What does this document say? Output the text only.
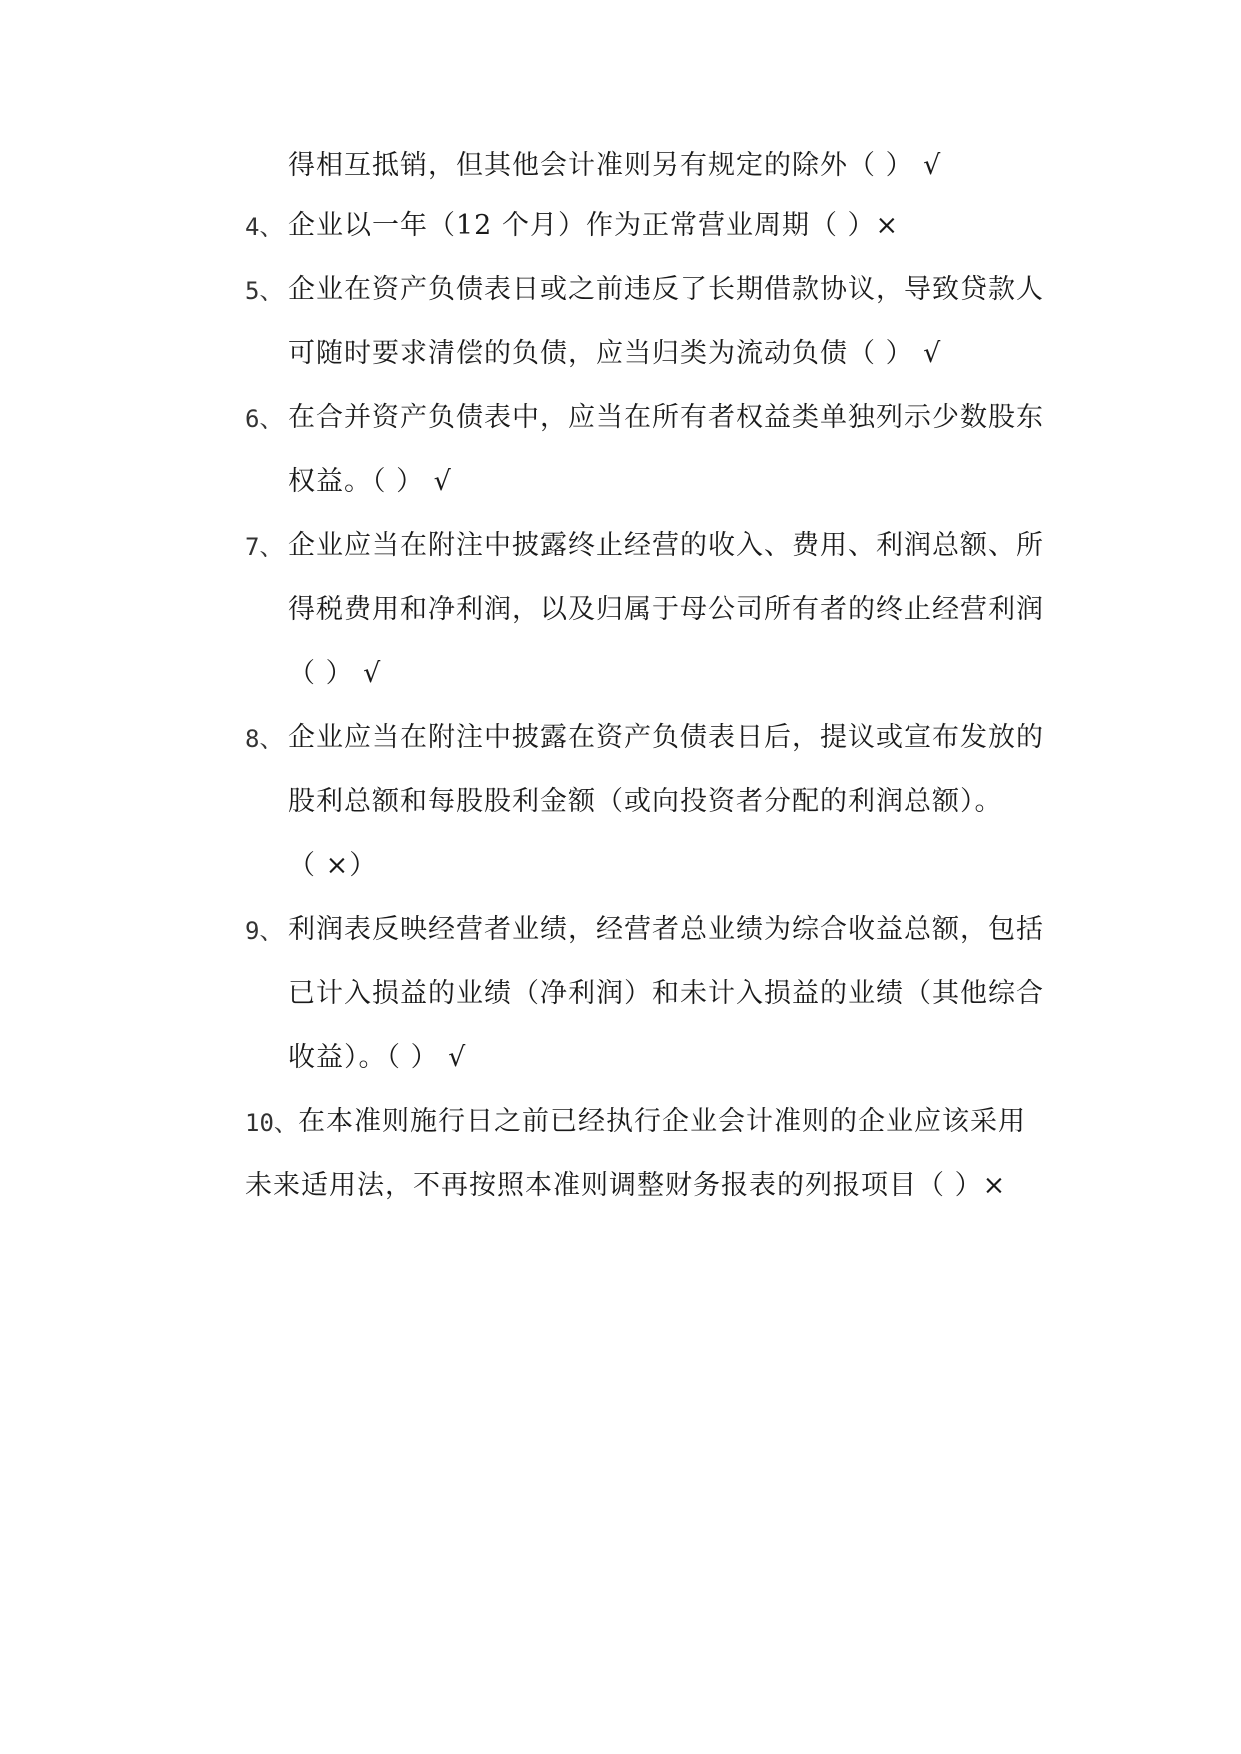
得相互抵销，但其他会计准则另有规定的除外（ ） √
4、 企业以一年（12 个月）作为正常营业周期（ ）×
5、 企业在资产负债表日或之前违反了长期借款协议，导致贷款人
可随时要求清偿的负债，应当归类为流动负债（ ） √
6、 在合并资产负债表中，应当在所有者权益类单独列示少数股东
权益。（ ） √
7、 企业应当在附注中披露终止经营的收入、费用、利润总额、所
得税费用和净利润，以及归属于母公司所有者的终止经营利润
（ ） √
8、 企业应当在附注中披露在资产负债表日后，提议或宣布发放的
股利总额和每股股利金额（或向投资者分配的利润总额）。
（ ×）
9、 利润表反映经营者业绩，经营者总业绩为综合收益总额，包括
已计入损益的业绩（净利润）和未计入损益的业绩（其他综合
收益）。（ ） √
10、 在本准则施行日之前已经执行企业会计准则的企业应该采用
未来适用法，不再按照本准则调整财务报表的列报项目（ ）×
